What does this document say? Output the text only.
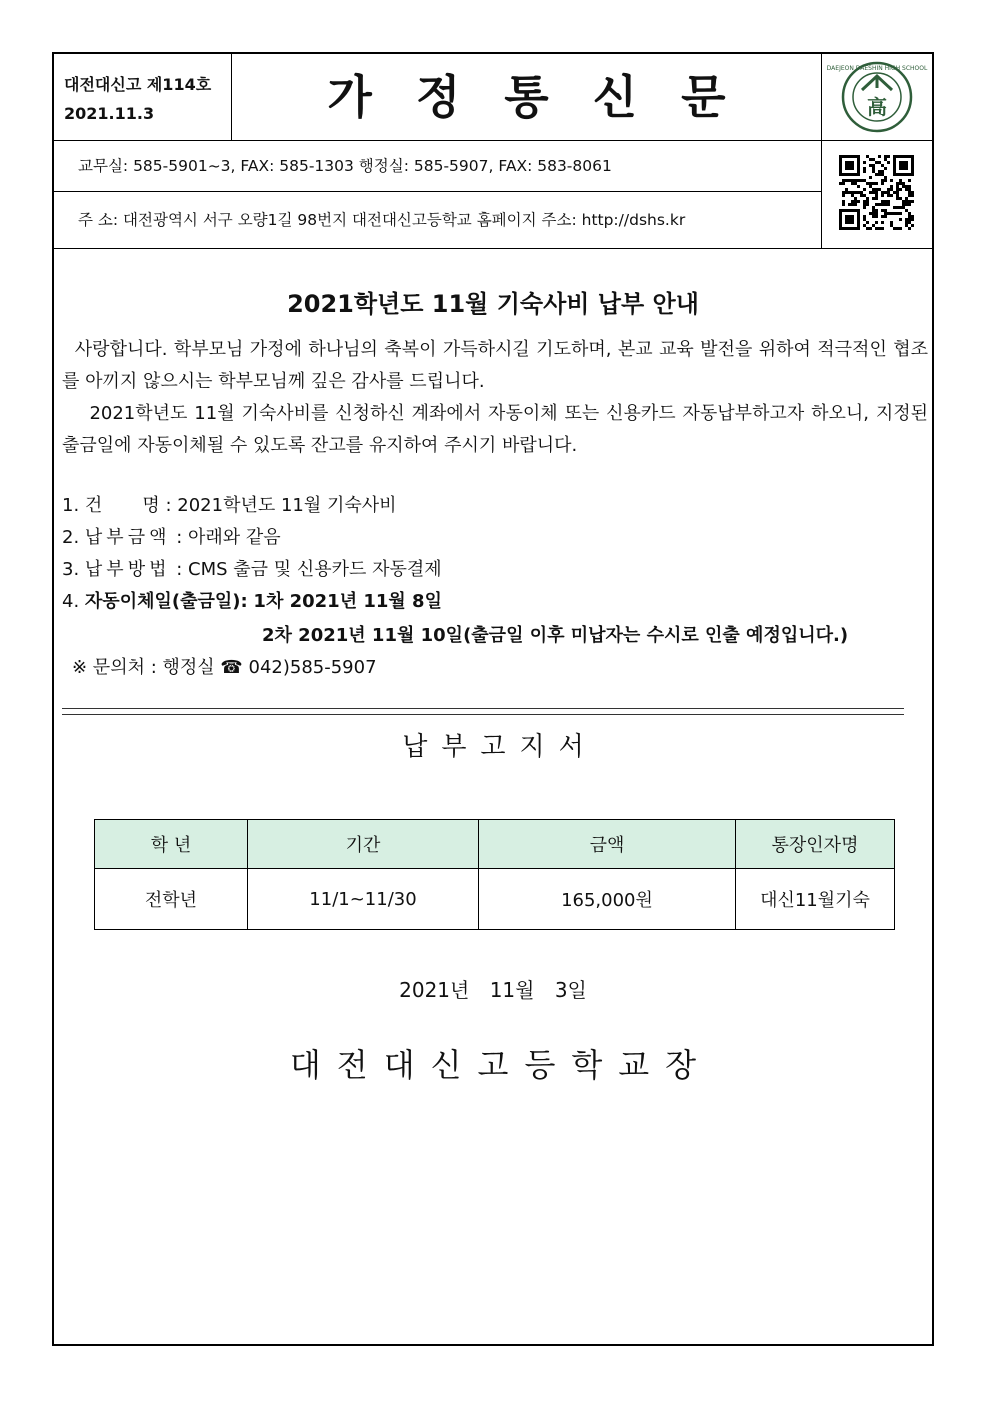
대전대신고 제114호
2021.11.3	가정통신문
DAEJEON DAESHIN HIGH SCHOOL
高
교무실: 585-5901~3, FAX: 585-1303 행정실: 585-5907, FAX: 583-8061
주 소: 대전광역시 서구 오량1길 98번지 대전대신고등학교 홈페이지 주소: http://dshs.kr
2021학년도 11월 기숙사비 납부 안내
사랑합니다. 학부모님 가정에 하나님의 축복이 가득하시길 기도하며, 본교 교육 발전을 위하여 적극적인 협조를 아끼지 않으시는 학부모님께 깊은 감사를 드립니다.
2021학년도 11월 기숙사비를 신청하신 계좌에서 자동이체 또는 신용카드 자동납부하고자 하오니, 지정된 출금일에 자동이체될 수 있도록 잔고를 유지하여 주시기 바랍니다.
1. 건       명 : 2021학년도 11월 기숙사비
2. 납부금액 : 아래와 같음
3. 납부방법 : CMS 출금 및 신용카드 자동결제
4. 자동이체일(출금일): 1차 2021년 11월 8일
2차 2021년 11월 10일(출금일 이후 미납자는 수시로 인출 예정입니다.)
※ 문의처 : 행정실 ☎ 042)585-5907
납부고지서
학 년	기간	금액	통장인자명
전학년	11/1~11/30	165,000원	대신11월기숙
2021년 11월 3일
대전대신고등학교장
